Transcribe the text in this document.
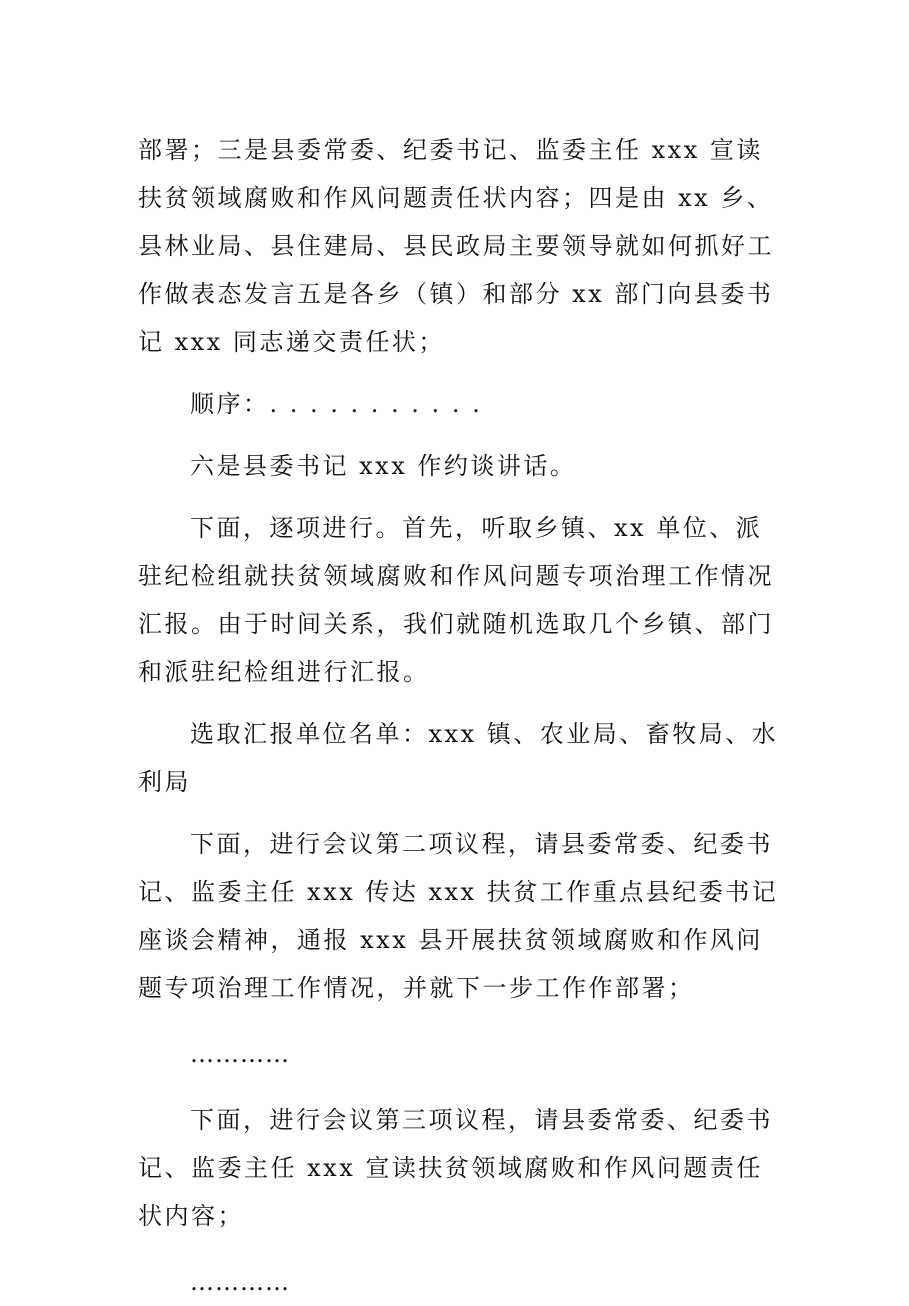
部署；三是县委常委、纪委书记、监委主任 xxx 宣读扶贫领域腐败和作风问题责任状内容；四是由 xx 乡、县林业局、县住建局、县民政局主要领导就如何抓好工作做表态发言五是各乡（镇）和部分 xx 部门向县委书记 xxx 同志递交责任状；

顺序：. . . . . . . . . . .

六是县委书记 xxx 作约谈讲话。

下面，逐项进行。首先，听取乡镇、xx 单位、派驻纪检组就扶贫领域腐败和作风问题专项治理工作情况汇报。由于时间关系，我们就随机选取几个乡镇、部门和派驻纪检组进行汇报。

选取汇报单位名单：xxx 镇、农业局、畜牧局、水利局

下面，进行会议第二项议程，请县委常委、纪委书记、监委主任 xxx 传达 xxx 扶贫工作重点县纪委书记座谈会精神，通报 xxx 县开展扶贫领域腐败和作风问题专项治理工作情况，并就下一步工作作部署；

…………

下面，进行会议第三项议程，请县委常委、纪委书记、监委主任 xxx 宣读扶贫领域腐败和作风问题责任状内容；

…………
